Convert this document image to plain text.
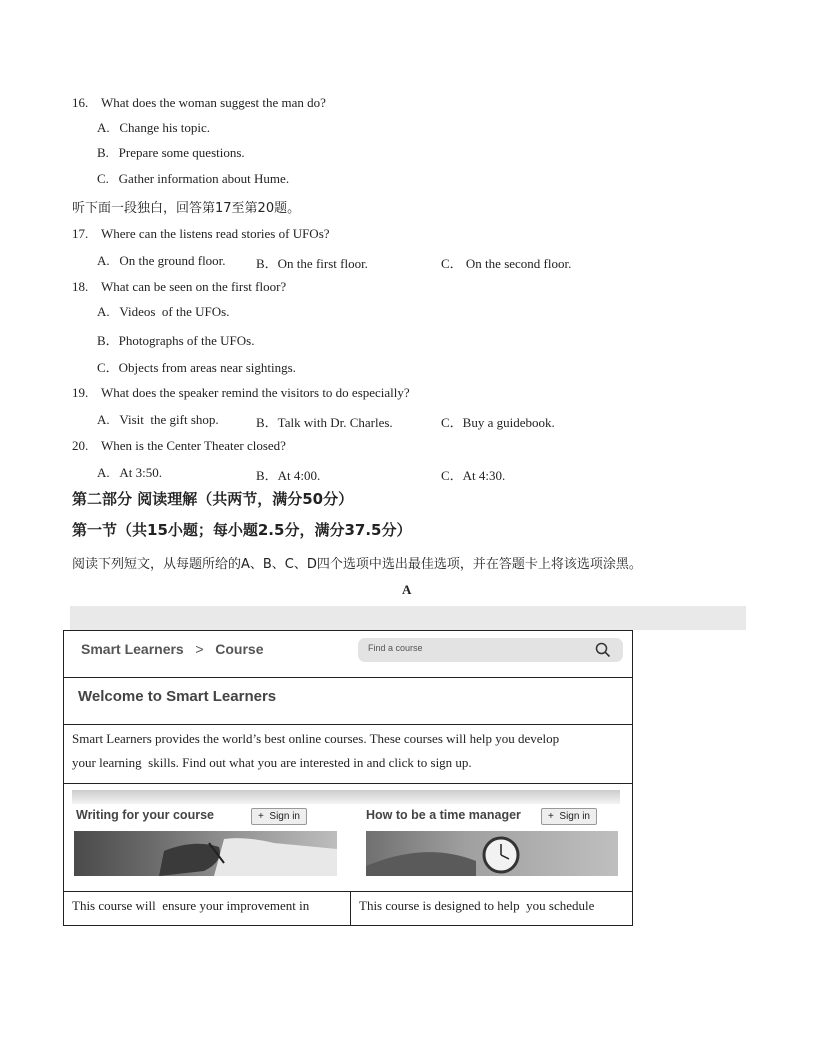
16. What does the woman suggest the man do?
A.   Change his topic.
B.   Prepare some questions.
C.   Gather information about Hume.
听下面一段独白，回答第17至第20题。
17. Where can the listens read stories of UFOs?
A.   On the ground floor. B．On the first floor.	C． On the second floor.
18. What can be seen on the first floor?
A.   Videos  of the UFOs.
B．Photographs of the UFOs.
C．Objects from areas near sightings.
19. What does the speaker remind the visitors to do especially?
A.   Visit  the gift shop.	B．Talk with Dr. Charles.	C．Buy a guidebook.
20. When is the Center Theater closed?
A.   At 3:50.	B．At 4:00.	C．At 4:30.
第二部分 阅读理解（共两节，满分50分）
第一节（共15小题；每小题2.5分，满分37.5分）
阅读下列短文，从每题所给的A、B、C、D四个选项中选出最佳选项，并在答题卡上将该选项涂黑。
A
Smart Learners > Course	Find a course
Welcome to Smart Learners
Smart Learners provides the world’s best online courses. These courses will help you develop
your learning  skills. Find out what you are interested in and click to sign up.
Writing for your course	+  Sign in	How to be a time manager	+  Sign in
This course will  ensure your improvement in	This course is designed to help  you schedule
